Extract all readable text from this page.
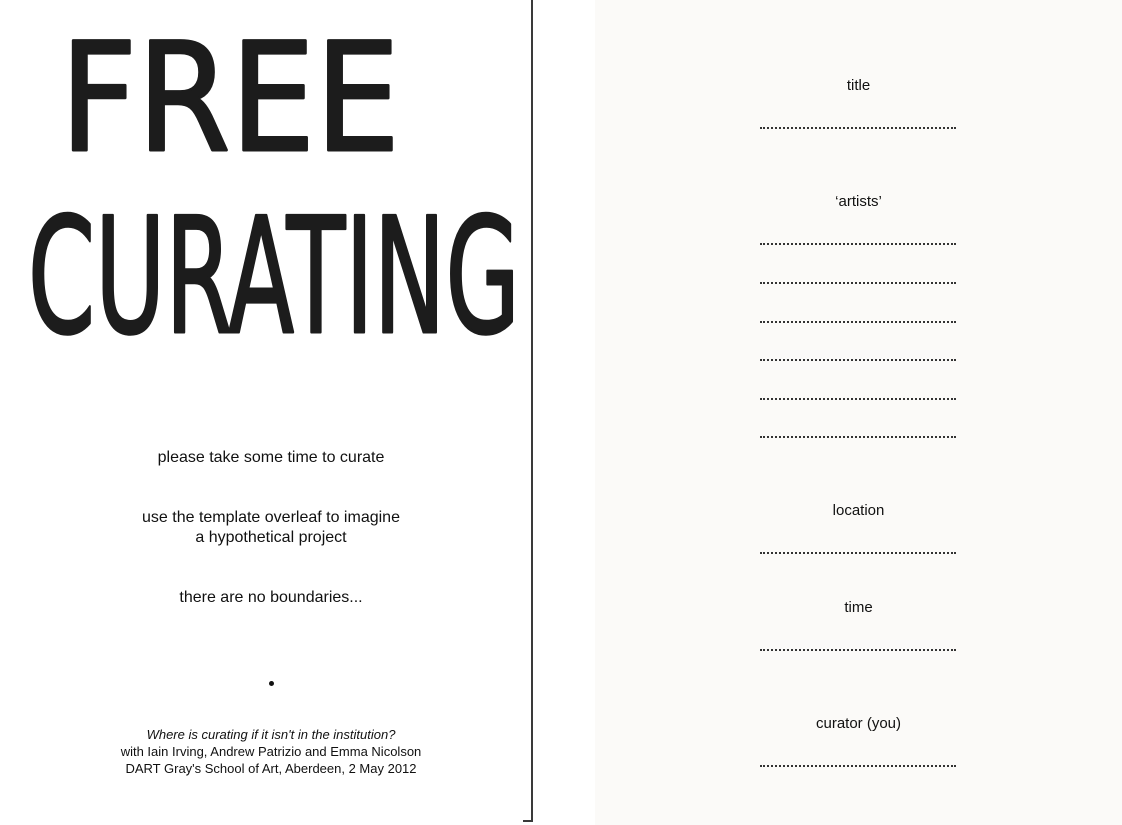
FREE
CURATING
please take some time to curate
use the template overleaf to imagine
a hypothetical project
there are no boundaries...
Where is curating if it isn't in the institution?
with Iain Irving, Andrew Patrizio and Emma Nicolson
DART Gray's School of Art, Aberdeen, 2 May 2012
title
‘artists’
location
time
curator (you)
